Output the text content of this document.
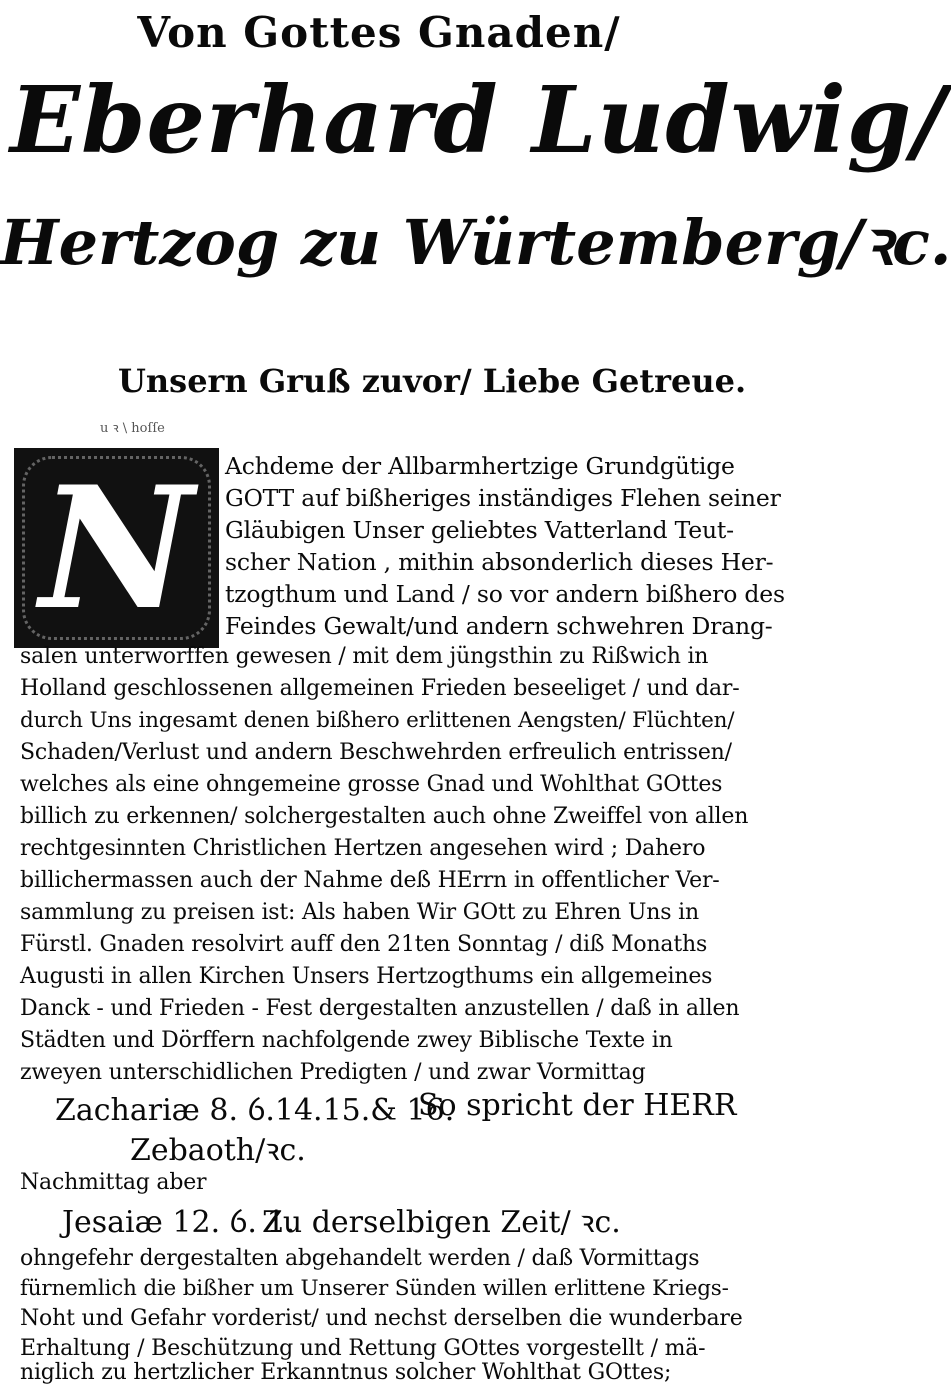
Von Gottes Gnaden/
Eberhard Ludwig/
Hertzog zu Würtemberg/ꝛc.
Unsern Gruß zuvor/ Liebe Getreue.
u ꝛ \ hoſſe
N Achdeme der Allbarmhertzige Grundgütige
GOTT auf bißheriges inständiges Flehen seiner
Gläubigen Unser geliebtes Vatterland Teut-
scher Nation , mithin absonderlich dieses Her-
tzogthum und Land / so vor andern bißhero des
Feindes Gewalt/und andern schwehren Drang-
salen unterworffen gewesen / mit dem jüngsthin zu Rißwich in
Holland geschlossenen allgemeinen Frieden beseeliget / und dar-
durch Uns ingesamt denen bißhero erlittenen Aengsten/ Flüchten/
Schaden/Verlust und andern Beschwehrden erfreulich entrissen/
welches als eine ohngemeine grosse Gnad und Wohlthat GOttes
billich zu erkennen/ solchergestalten auch ohne Zweiffel von allen
rechtgesinnten Christlichen Hertzen angesehen wird ; Dahero
billichermassen auch der Nahme deß HErrn in offentlicher Ver-
sammlung zu preisen ist: Als haben Wir GOtt zu Ehren Uns in
Fürstl. Gnaden resolvirt auff den 21ten Sonntag / diß Monaths
Augusti in allen Kirchen Unsers Hertzogthums ein allgemeines
Danck - und Frieden - Fest dergestalten anzustellen / daß in allen
Städten und Dörffern nachfolgende zwey Biblische Texte in
zweyen unterschidlichen Predigten / und zwar Vormittag
Zachariæ 8. ỽ.14.15.& 16.
So spricht der HERR
Zebaoth/ꝛc.
Nachmittag aber
Jesaiæ 12. ỽ. 1.
Zu derselbigen Zeit/ ꝛc.
ohngefehr dergestalten abgehandelt werden / daß Vormittags
fürnemlich die bißher um Unserer Sünden willen erlittene Kriegs-
Noht und Gefahr vorderist/ und nechst derselben die wunderbare
Erhaltung / Beschützung und Rettung GOttes vorgestellt / mä-
niglich zu hertzlicher Erkanntnus solcher Wohlthat GOttes;
